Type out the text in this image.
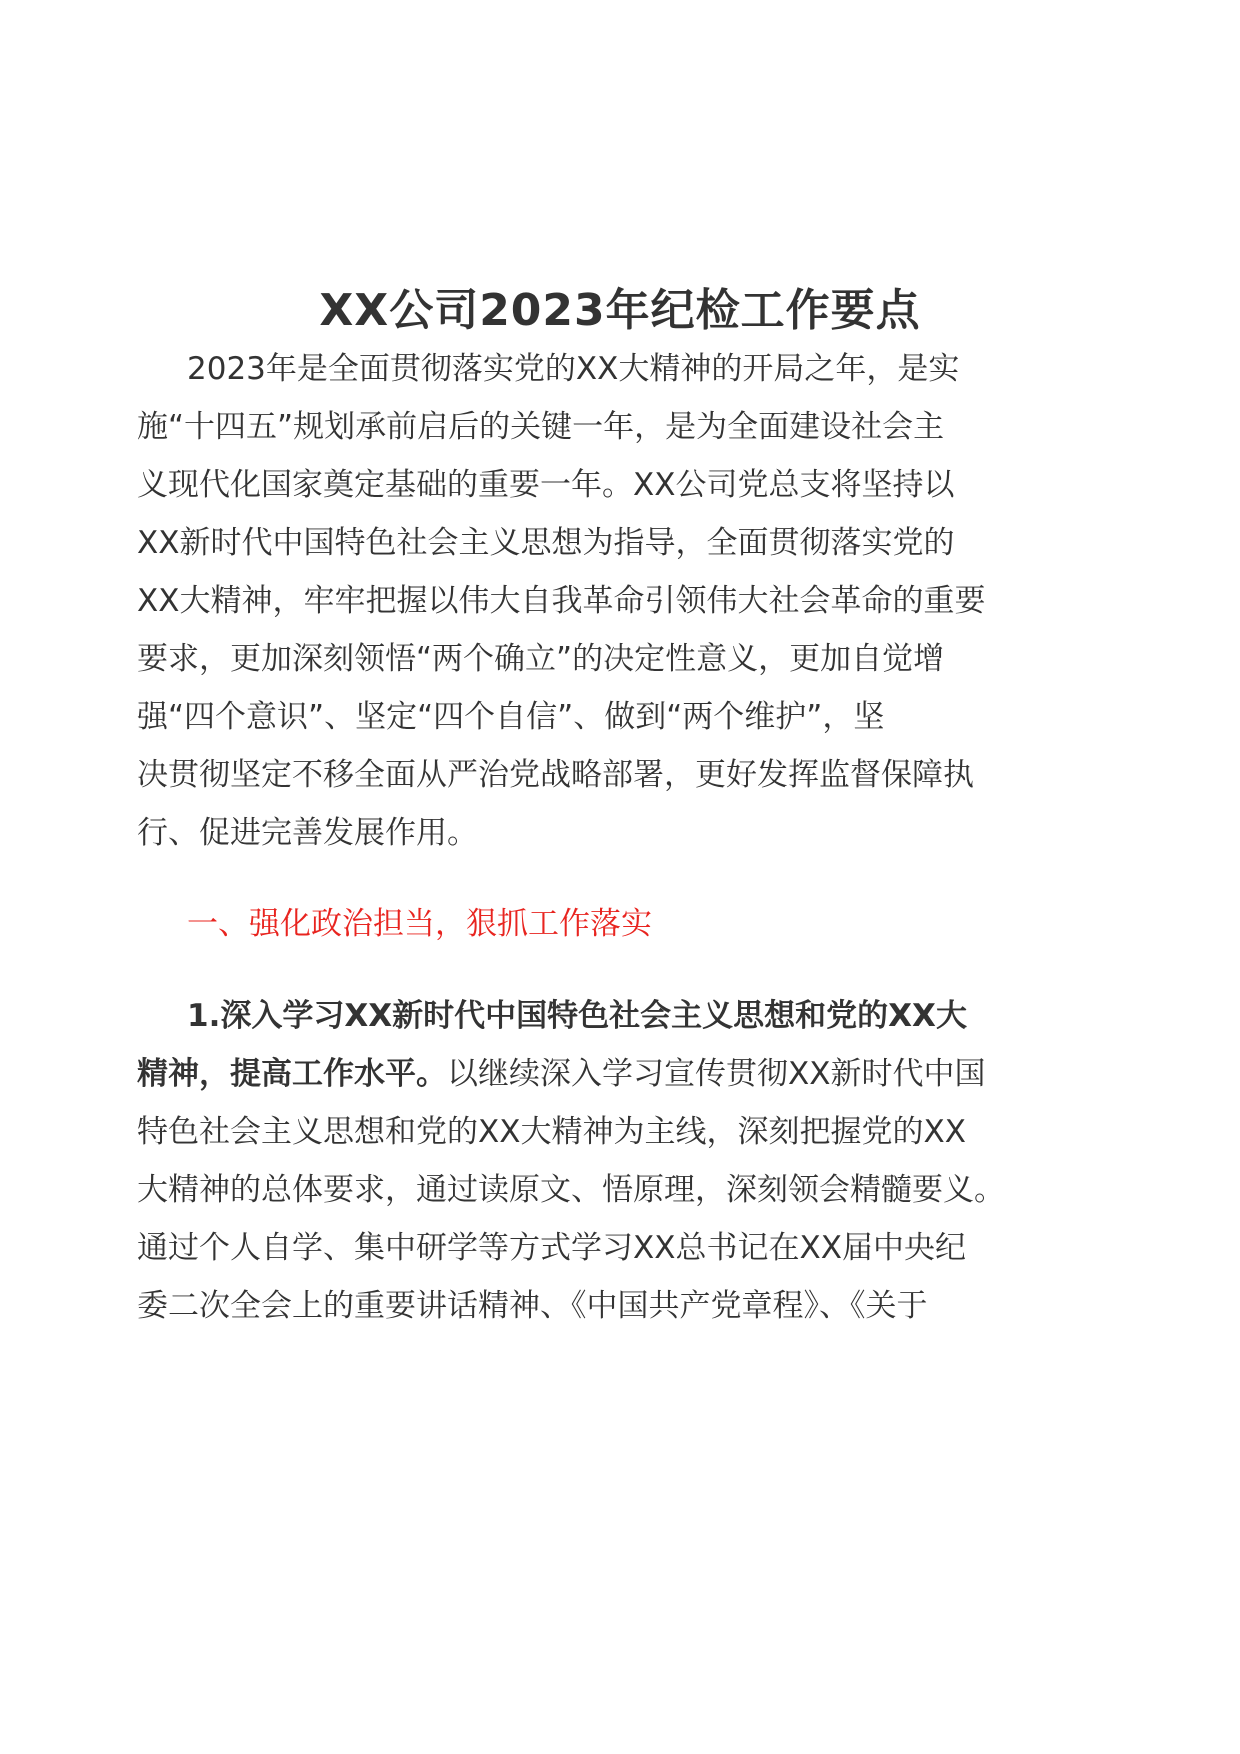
XX公司2023年纪检工作要点
2023年是全面贯彻落实党的XX大精神的开局之年，是实
施“十四五”规划承前启后的关键一年，是为全面建设社会主
义现代化国家奠定基础的重要一年。XX公司党总支将坚持以
XX新时代中国特色社会主义思想为指导，全面贯彻落实党的
XX大精神，牢牢把握以伟大自我革命引领伟大社会革命的重要
要求，更加深刻领悟“两个确立”的决定性意义，更加自觉增
强“四个意识”、坚定“四个自信”、做到“两个维护”，坚
决贯彻坚定不移全面从严治党战略部署，更好发挥监督保障执
行、促进完善发展作用。
一、强化政治担当，狠抓工作落实
1.深入学习XX新时代中国特色社会主义思想和党的XX大
精神，提高工作水平。以继续深入学习宣传贯彻XX新时代中国
特色社会主义思想和党的XX大精神为主线，深刻把握党的XX
大精神的总体要求，通过读原文、悟原理，深刻领会精髓要义。
通过个人自学、集中研学等方式学习XX总书记在XX届中央纪
委二次全会上的重要讲话精神、《中国共产党章程》、《关于
